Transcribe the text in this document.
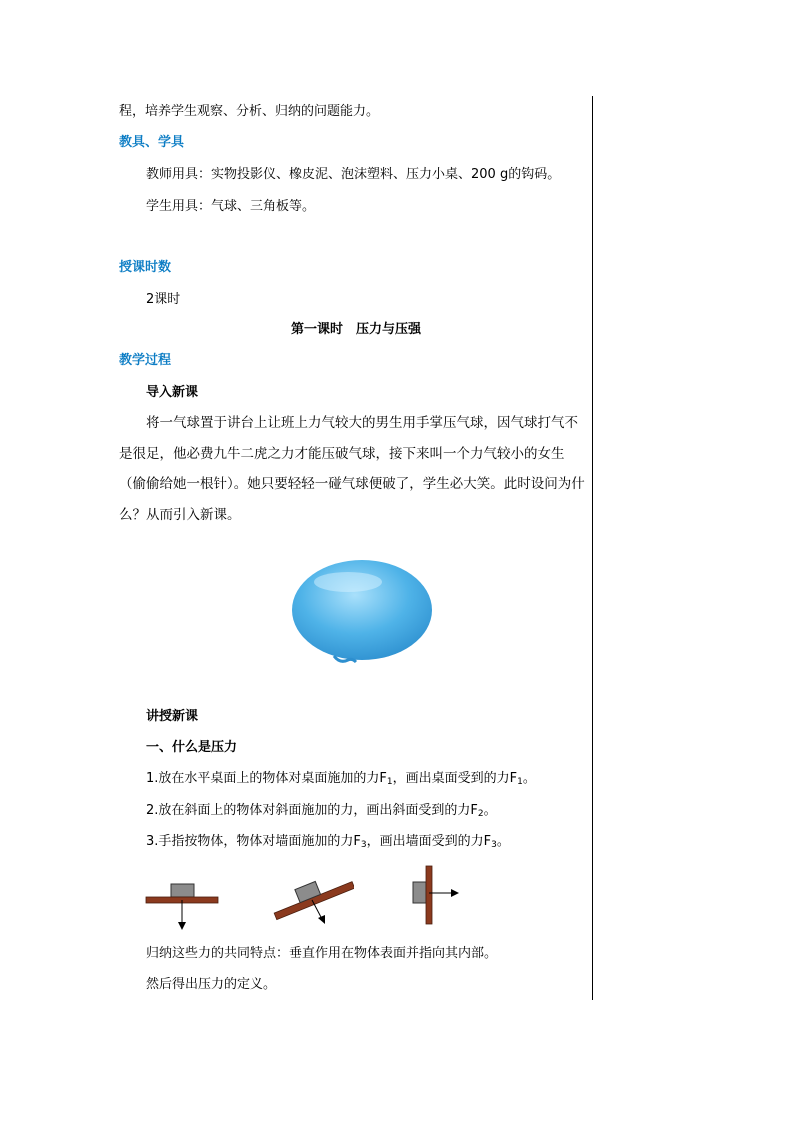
程，培养学生观察、分析、归纳的问题能力。
教具、学具
教师用具：实物投影仪、橡皮泥、泡沫塑料、压力小桌、200 g的钩码。
学生用具：气球、三角板等。
授课时数
2课时
第一课时　压力与压强
教学过程
导入新课
将一气球置于讲台上让班上力气较大的男生用手掌压气球，因气球打气不是很足，他必费九牛二虎之力才能压破气球，接下来叫一个力气较小的女生（偷偷给她一根针）。她只要轻轻一碰气球便破了，学生必大笑。此时设问为什么？从而引入新课。
讲授新课
一、什么是压力
1.放在水平桌面上的物体对桌面施加的力$F_1$，画出桌面受到的力$F_1$。
2.放在斜面上的物体对斜面施加的力，画出斜面受到的力$F_2$。
3.手指按物体，物体对墙面施加的力$F_3$，画出墙面受到的力$F_3$。
归纳这些力的共同特点：垂直作用在物体表面并指向其内部。
然后得出压力的定义。
